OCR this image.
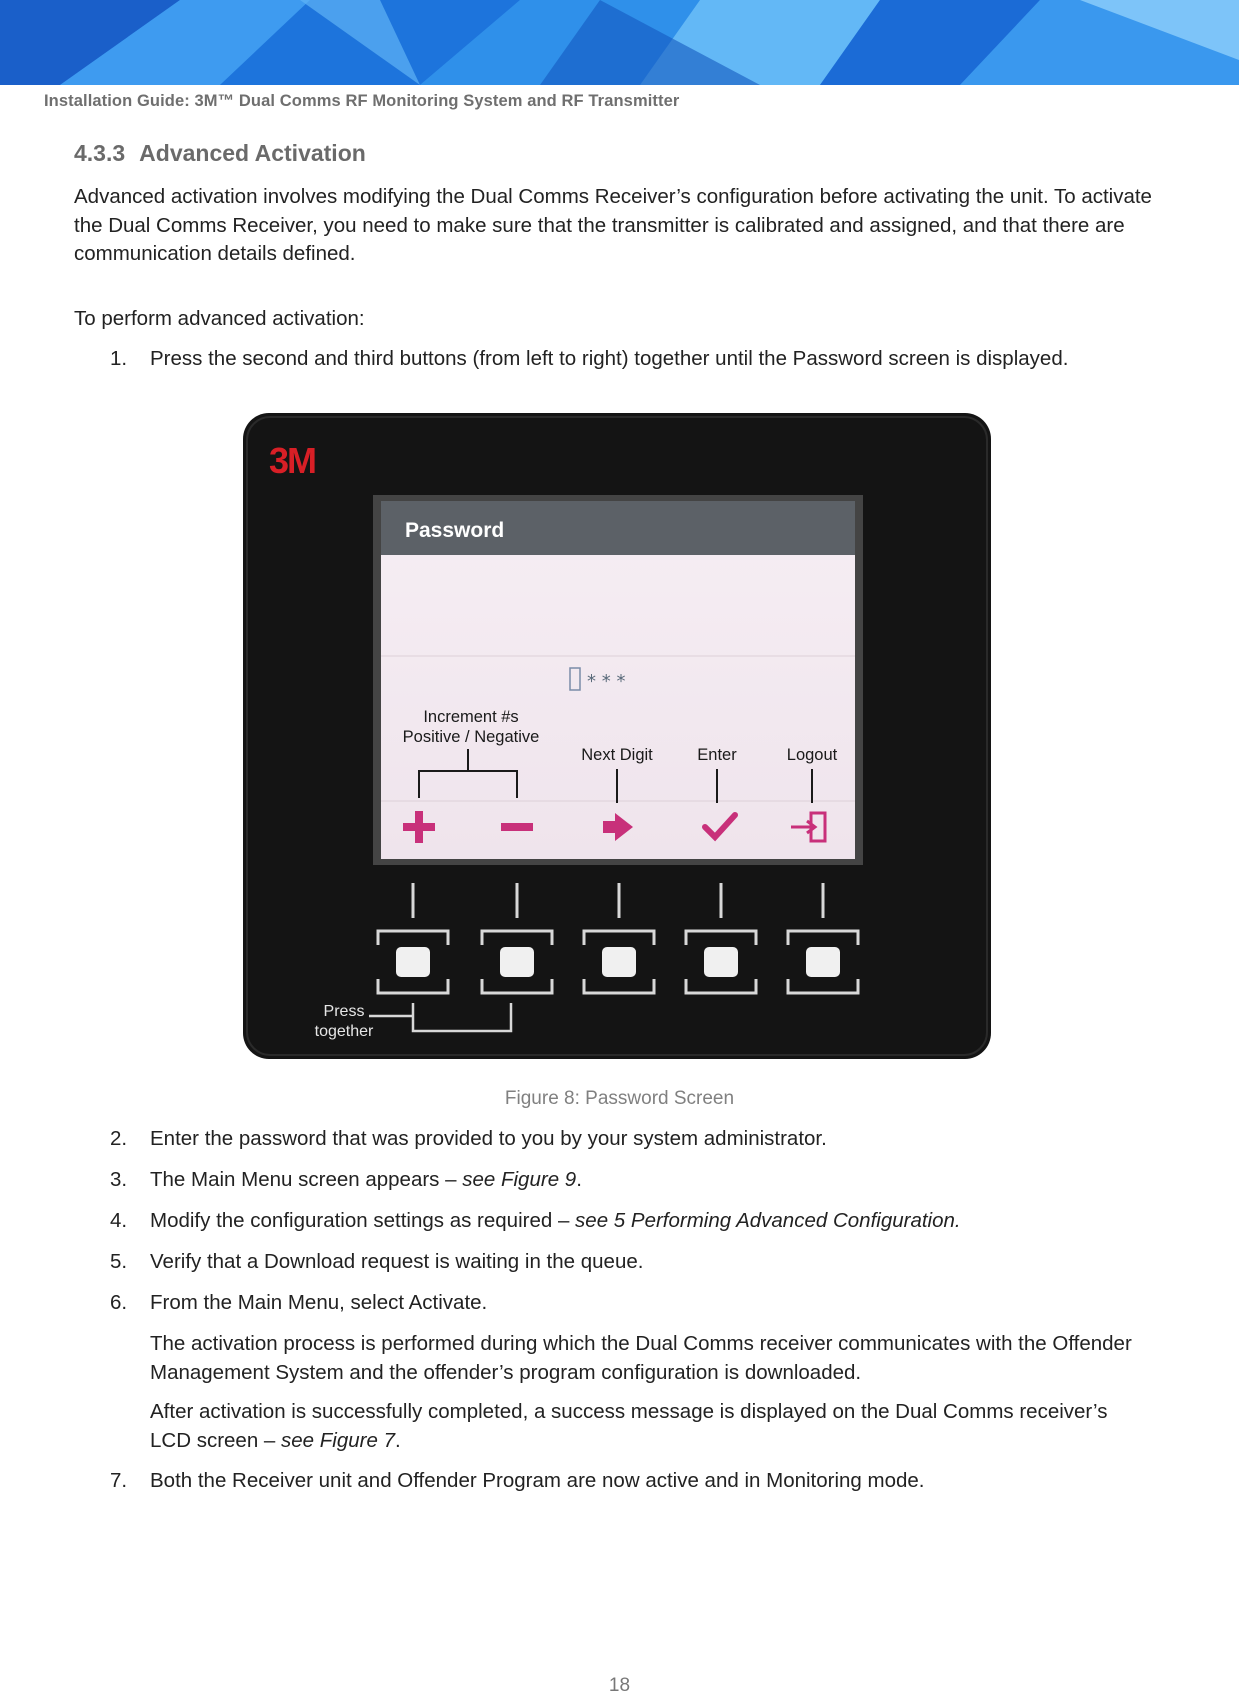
Installation Guide: 3M™ Dual Comms RF Monitoring System and RF Transmitter
4.3.3 Advanced Activation
Advanced activation involves modifying the Dual Comms Receiver’s configuration before activating the unit. To activate the Dual Comms Receiver, you need to make sure that the transmitter is calibrated and assigned, and that there are communication details defined.
To perform advanced activation:
1. Press the second and third buttons (from left to right) together until the Password screen is displayed.
3M
Password
* * *
Increment #s
Positive / Negative
Next Digit	Enter	Logout
Press
together
Figure 8: Password Screen
2. Enter the password that was provided to you by your system administrator.
3. The Main Menu screen appears – see Figure 9.
4. Modify the configuration settings as required – see 5 Performing Advanced Configuration.
5. Verify that a Download request is waiting in the queue.
6. From the Main Menu, select Activate.
The activation process is performed during which the Dual Comms receiver communicates with the Offender Management System and the offender’s program configuration is downloaded.
After activation is successfully completed, a success message is displayed on the Dual Comms receiver’s LCD screen – see Figure 7.
7. Both the Receiver unit and Offender Program are now active and in Monitoring mode.
18
